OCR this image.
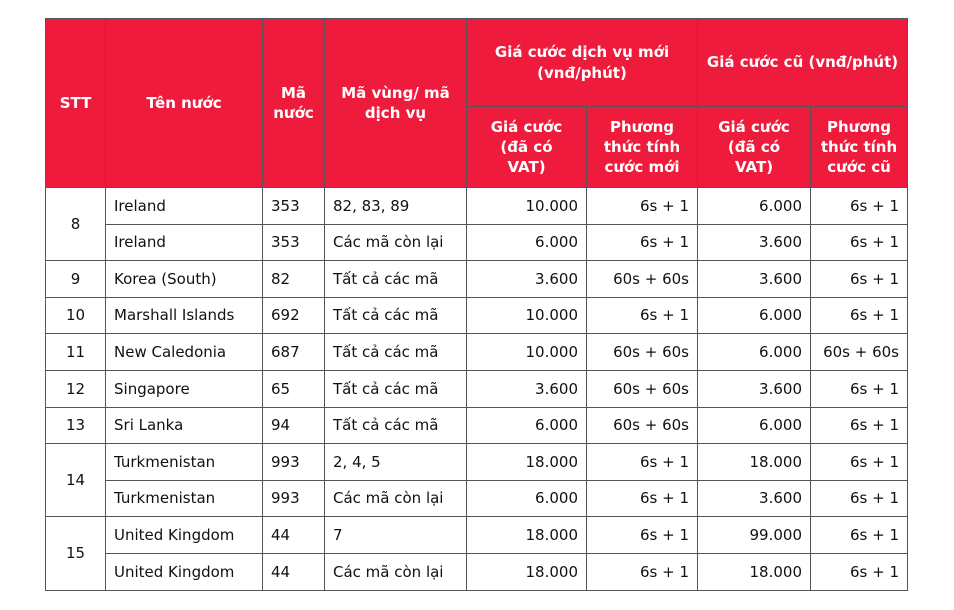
STT	Tên nước	Mã nước	Mã vùng/ mã dịch vụ	Giá cước dịch vụ mới (vnđ/phút)		Giá cước cũ (vnđ/phút)	
				Giá cước (đã có VAT)	Phương thức tính cước mới	Giá cước (đã có VAT)	Phương thức tính cước cũ
8	Ireland	353	82, 83, 89	10.000	6s + 1	6.000	6s + 1
	Ireland	353	Các mã còn lại	6.000	6s + 1	3.600	6s + 1
9	Korea (South)	82	Tất cả các mã	3.600	60s + 60s	3.600	6s + 1
10	Marshall Islands	692	Tất cả các mã	10.000	6s + 1	6.000	6s + 1
11	New Caledonia	687	Tất cả các mã	10.000	60s + 60s	6.000	60s + 60s
12	Singapore	65	Tất cả các mã	3.600	60s + 60s	3.600	6s + 1
13	Sri Lanka	94	Tất cả các mã	6.000	60s + 60s	6.000	6s + 1
14	Turkmenistan	993	2, 4, 5	18.000	6s + 1	18.000	6s + 1
	Turkmenistan	993	Các mã còn lại	6.000	6s + 1	3.600	6s + 1
15	United Kingdom	44	7	18.000	6s + 1	99.000	6s + 1
	United Kingdom	44	Các mã còn lại	18.000	6s + 1	18.000	6s + 1
